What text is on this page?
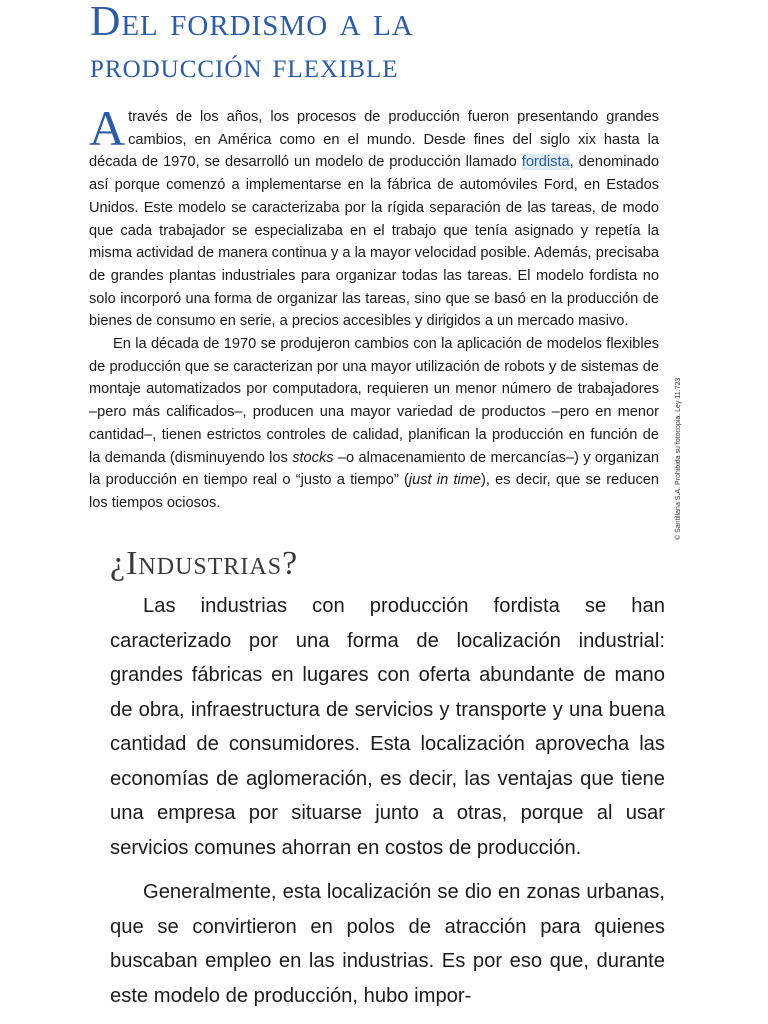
Del fordismo a la
producción flexible

Através de los años, los procesos de producción fueron presentando grandes cambios, en América como en el mundo. Desde fines del siglo xix hasta la década de 1970, se desarrolló un modelo de producción llamado fordista, denominado así porque comenzó a implementarse en la fábrica de automóviles Ford, en Estados Unidos. Este modelo se caracterizaba por la rígida separación de las tareas, de modo que cada trabajador se especializaba en el trabajo que tenía asignado y repetía la misma actividad de manera continua y a la mayor velocidad posible. Además, precisaba de grandes plantas industriales para organizar todas las tareas. El modelo fordista no solo incorporó una forma de organizar las tareas, sino que se basó en la producción de bienes de consumo en serie, a precios accesibles y dirigidos a un mercado masivo.

En la década de 1970 se produjeron cambios con la aplicación de modelos flexibles de producción que se caracterizan por una mayor utilización de robots y de sistemas de montaje automatizados por computadora, requieren un menor número de trabajadores –pero más calificados–, producen una mayor variedad de productos –pero en menor cantidad–, tienen estrictos controles de calidad, planifican la producción en función de la demanda (disminuyendo los stocks –o almacenamiento de mercancías–) y organizan la producción en tiempo real o “justo a tiempo” (just in time), es decir, que se reducen los tiempos ociosos.	© Santillana S.A. Prohibida su fotocopia. Ley 11.723
¿Industrias?

Las industrias con producción fordista se han caracterizado por una forma de localización industrial: grandes fábricas en lugares con oferta abundante de mano de obra, infraestructura de servicios y transporte y una buena cantidad de consumidores. Esta localización aprovecha las economías de aglomeración, es decir, las ventajas que tiene una empresa por situarse junto a otras, porque al usar servicios comunes ahorran en costos de producción.

Generalmente, esta localización se dio en zonas urbanas, que se convirtieron en polos de atracción para quienes buscaban empleo en las industrias. Es por eso que, durante este modelo de producción, hubo impor-
